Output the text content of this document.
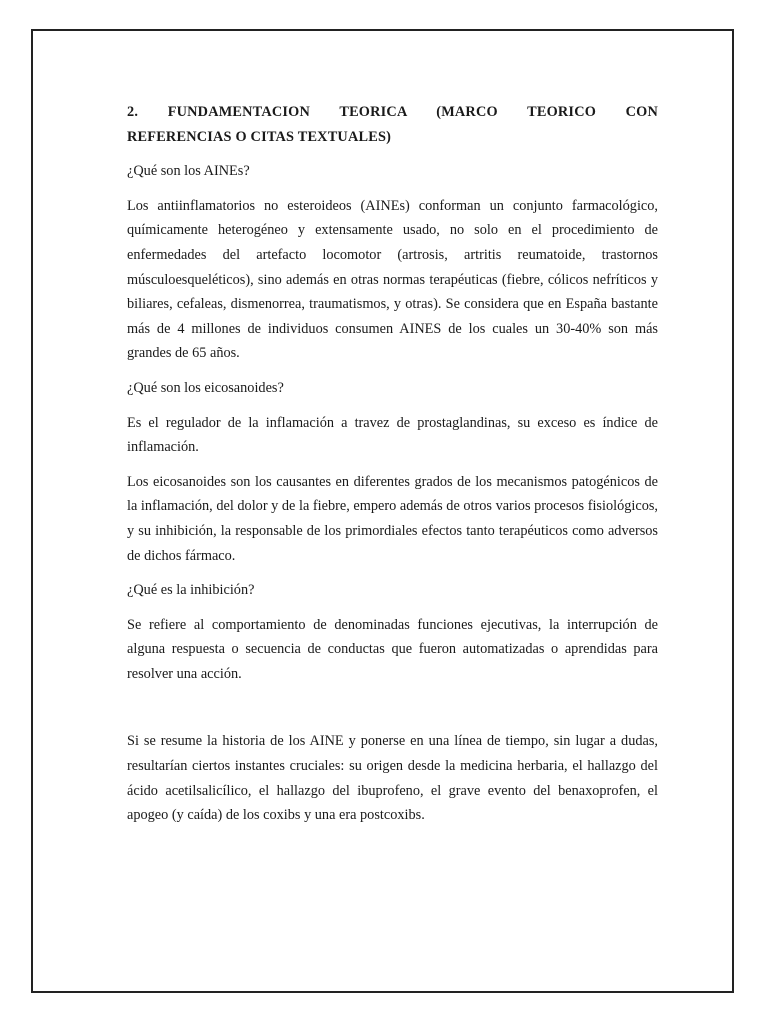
2. FUNDAMENTACION TEORICA (MARCO TEORICO CON
REFERENCIAS O CITAS TEXTUALES)

¿Qué son los AINEs?

Los antiinflamatorios no esteroideos (AINEs) conforman un conjunto farmacológico, químicamente heterogéneo y extensamente usado, no solo en el procedimiento de enfermedades del artefacto locomotor (artrosis, artritis reumatoide, trastornos músculoesqueléticos), sino además en otras normas terapéuticas (fiebre, cólicos nefríticos y biliares, cefaleas, dismenorrea, traumatismos, y otras). Se considera que en España bastante más de 4 millones de individuos consumen AINES de los cuales un 30-40% son más grandes de 65 años.

¿Qué son los eicosanoides?

Es el regulador de la inflamación a travez de prostaglandinas, su exceso es índice de inflamación.

Los eicosanoides son los causantes en diferentes grados de los mecanismos patogénicos de la inflamación, del dolor y de la fiebre, empero además de otros varios procesos fisiológicos, y su inhibición, la responsable de los primordiales efectos tanto terapéuticos como adversos de dichos fármaco.

¿Qué es la inhibición?

Se refiere al comportamiento de denominadas funciones ejecutivas, la interrupción de alguna respuesta o secuencia de conductas que fueron automatizadas o aprendidas para resolver una acción.

Si se resume la historia de los AINE y ponerse en una línea de tiempo, sin lugar a dudas, resultarían ciertos instantes cruciales: su origen desde la medicina herbaria, el hallazgo del ácido acetilsalicílico, el hallazgo del ibuprofeno, el grave evento del benaxoprofen, el apogeo (y caída) de los coxibs y una era postcoxibs.
